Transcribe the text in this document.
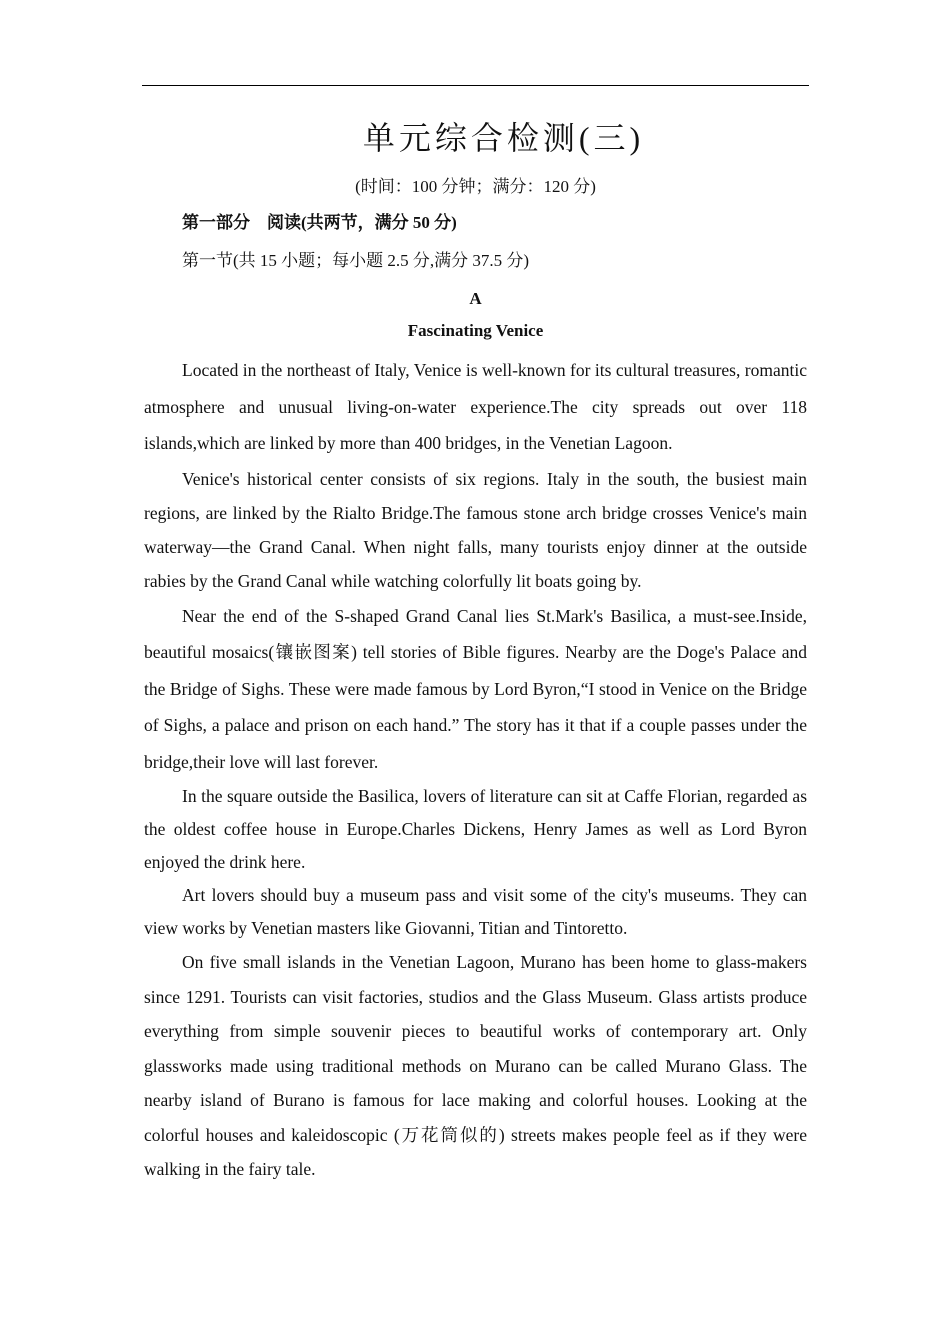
单元综合检测(三)
(时间：100 分钟；满分：120 分)
第一部分　阅读(共两节，满分 50 分)
第一节(共 15 小题；每小题 2.5 分,满分 37.5 分)
A
Fascinating Venice

Located in the northeast of Italy, Venice is well‑known for its cultural treasures, romantic atmosphere and unusual living‑on‑water experience.The city spreads out over 118 islands,which are linked by more than 400 bridges, in the Venetian Lagoon.

Venice's historical center consists of six regions. Italy in the south, the busiest main regions, are linked by the Rialto Bridge.The famous stone arch bridge crosses Venice's main waterway—the Grand Canal. When night falls, many tourists enjoy dinner at the outside rabies by the Grand Canal while watching colorfully lit boats going by.

Near the end of the S‑shaped Grand Canal lies St.Mark's Basilica, a must‑see.Inside, beautiful mosaics(镶嵌图案) tell stories of Bible figures. Nearby are the Doge's Palace and the Bridge of Sighs. These were made famous by Lord Byron,“I stood in Venice on the Bridge of Sighs, a palace and prison on each hand.” The story has it that if a couple passes under the bridge,their love will last forever.

In the square outside the Basilica, lovers of literature can sit at Caffe Florian, regarded as the oldest coffee house in Europe.Charles Dickens, Henry James as well as Lord Byron enjoyed the drink here.

Art lovers should buy a museum pass and visit some of the city's museums. They can view works by Venetian masters like Giovanni, Titian and Tintoretto.

On five small islands in the Venetian Lagoon, Murano has been home to glass‑makers since 1291. Tourists can visit factories, studios and the Glass Museum. Glass artists produce everything from simple souvenir pieces to beautiful works of contemporary art. Only glassworks made using traditional methods on Murano can be called Murano Glass. The nearby island of Burano is famous for lace making and colorful houses. Looking at the colorful houses and kaleidoscopic (万花筒似的) streets makes people feel as if they were walking in the fairy tale.
